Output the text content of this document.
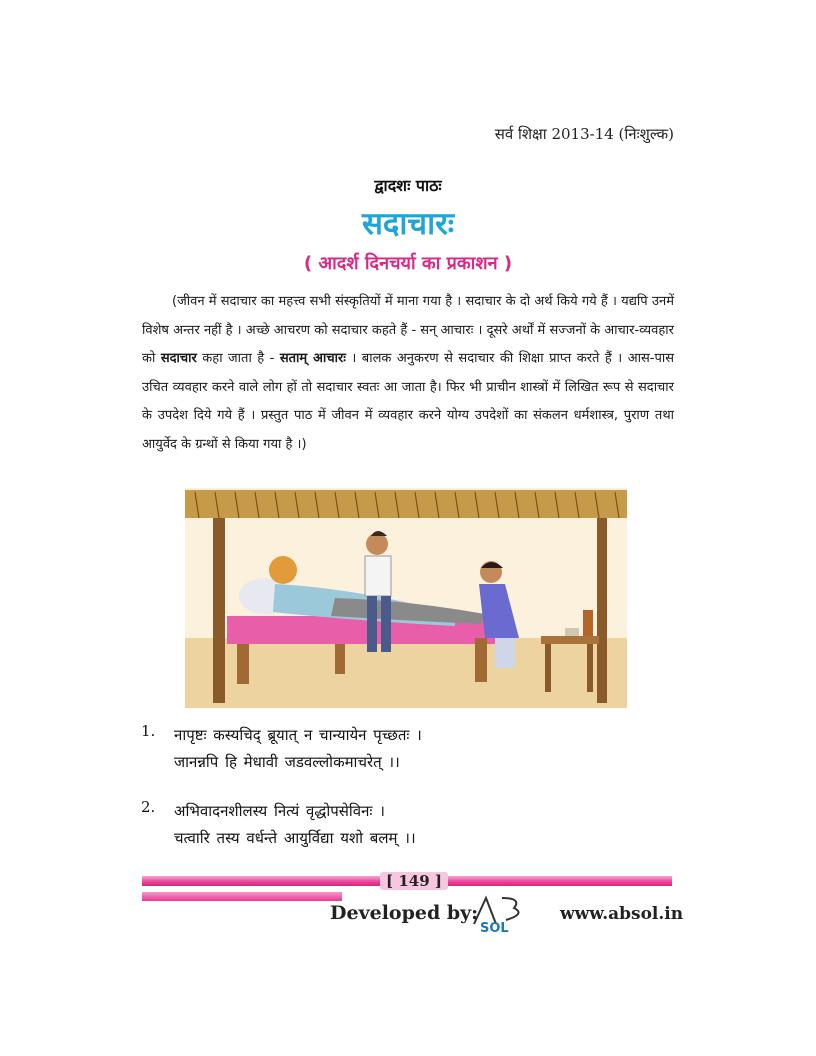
सर्व शिक्षा 2013-14 (निःशुल्क)
द्वादशः पाठः
सदाचारः
( आदर्श दिनचर्या का प्रकाशन )

(जीवन में सदाचार का महत्त्व सभी संस्कृतियों में माना गया है । सदाचार के दो अर्थ किये गये हैं । यद्यपि उनमें विशेष अन्तर नहीं है । अच्छे आचरण को सदाचार कहते हैं - सन् आचारः । दूसरे अर्थों में सज्जनों के आचार-व्यवहार को सदाचार कहा जाता है - सताम् आचारः । बालक अनुकरण से सदाचार की शिक्षा प्राप्त करते हैं । आस-पास उचित व्यवहार करने वाले लोग हों तो सदाचार स्वतः आ जाता है। फिर भी प्राचीन शास्त्रों में लिखित रूप से सदाचार के उपदेश दिये गये हैं । प्रस्तुत पाठ में जीवन में व्यवहार करने योग्य उपदेशों का संकलन धर्मशास्त्र, पुराण तथा आयुर्वेद के ग्रन्थों से किया गया है ।)

1. नापृष्टः कस्यचिद् ब्रूयात् न चान्यायेन पृच्छतः ।
जानन्नपि हि मेधावी जडवल्लोकमाचरेत् ।।
2. अभिवादनशीलस्य नित्यं वृद्धोपसेविनः ।
चत्वारि तस्य वर्धन्ते आयुर्विद्या यशो बलम् ।।
[ 149 ]
Developed by:
SOL
www.absol.in
